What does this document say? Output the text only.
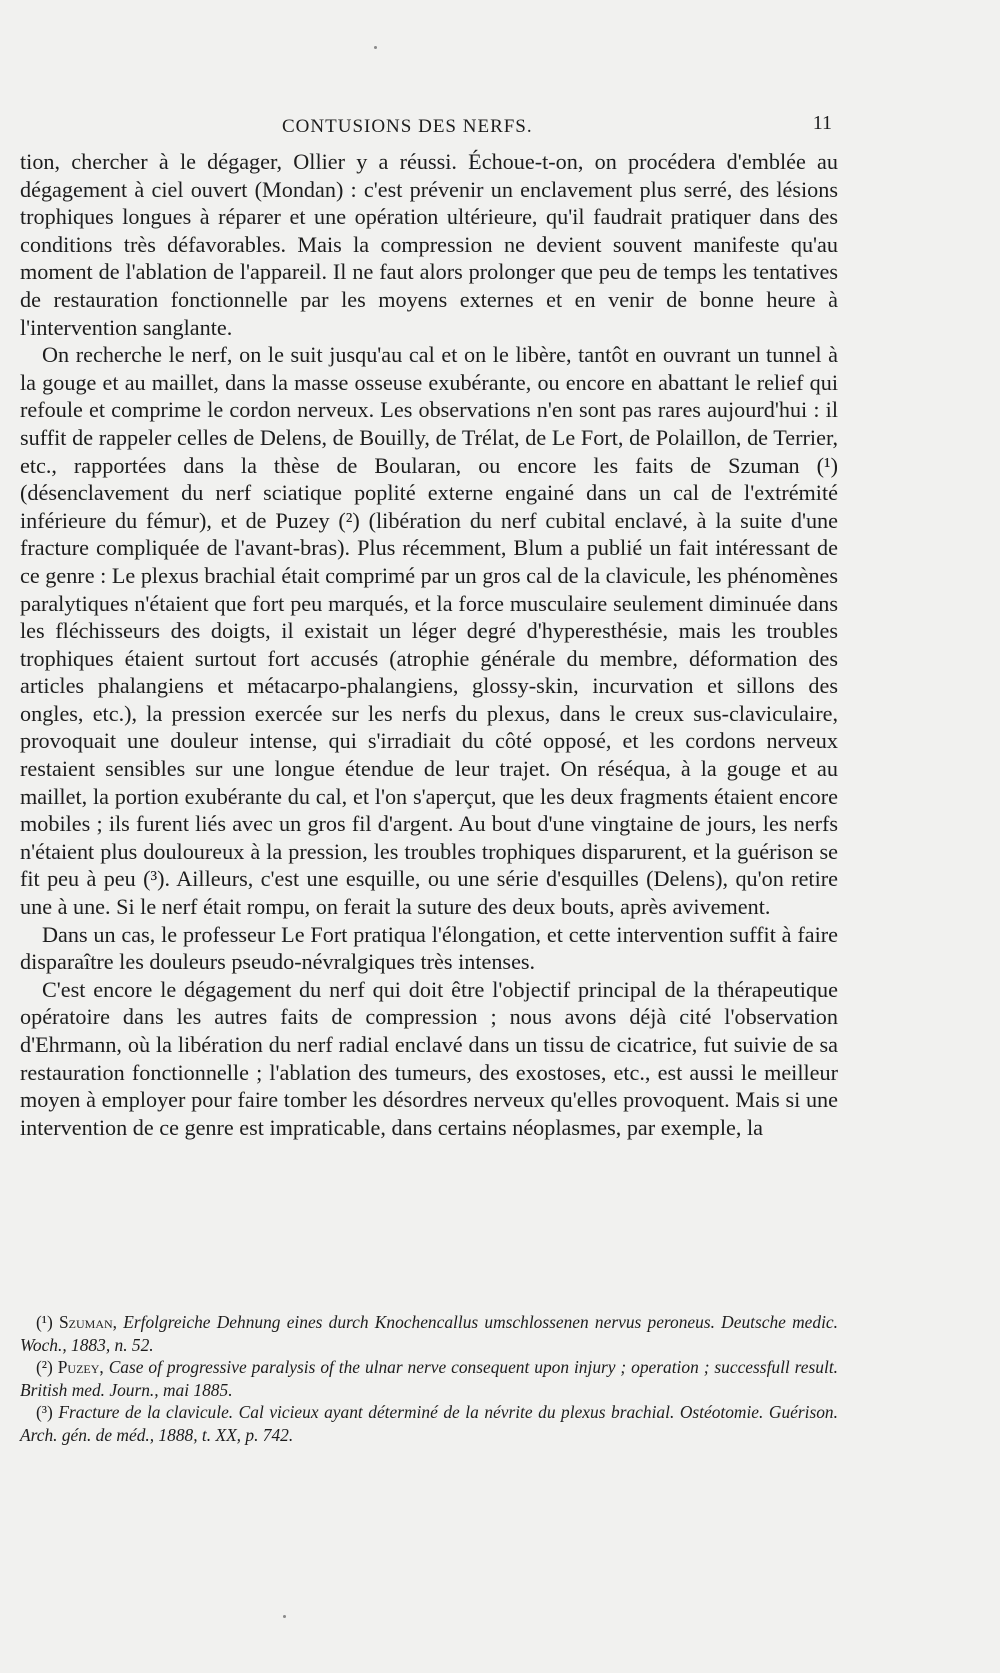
CONTUSIONS DES NERFS.	11

tion, chercher à le dégager, Ollier y a réussi. Échoue-t-on, on procédera d'emblée au dégagement à ciel ouvert (Mondan) : c'est prévenir un enclavement plus serré, des lésions trophiques longues à réparer et une opération ultérieure, qu'il faudrait pratiquer dans des conditions très défavorables. Mais la compression ne devient souvent manifeste qu'au moment de l'ablation de l'appareil. Il ne faut alors prolonger que peu de temps les tentatives de restauration fonctionnelle par les moyens externes et en venir de bonne heure à l'intervention sanglante.

On recherche le nerf, on le suit jusqu'au cal et on le libère, tantôt en ouvrant un tunnel à la gouge et au maillet, dans la masse osseuse exubérante, ou encore en abattant le relief qui refoule et comprime le cordon nerveux. Les observations n'en sont pas rares aujourd'hui : il suffit de rappeler celles de Delens, de Bouilly, de Trélat, de Le Fort, de Polaillon, de Terrier, etc., rapportées dans la thèse de Boularan, ou encore les faits de Szuman (¹) (désenclavement du nerf sciatique poplité externe engainé dans un cal de l'extrémité inférieure du fémur), et de Puzey (²) (libération du nerf cubital enclavé, à la suite d'une fracture compliquée de l'avant-bras). Plus récemment, Blum a publié un fait intéressant de ce genre : Le plexus brachial était comprimé par un gros cal de la clavicule, les phénomènes paralytiques n'étaient que fort peu marqués, et la force musculaire seulement diminuée dans les fléchisseurs des doigts, il existait un léger degré d'hyperesthésie, mais les troubles trophiques étaient surtout fort accusés (atrophie générale du membre, déformation des articles phalangiens et métacarpo-phalangiens, glossy-skin, incurvation et sillons des ongles, etc.), la pression exercée sur les nerfs du plexus, dans le creux sus-claviculaire, provoquait une douleur intense, qui s'irradiait du côté opposé, et les cordons nerveux restaient sensibles sur une longue étendue de leur trajet. On réséqua, à la gouge et au maillet, la portion exubérante du cal, et l'on s'aperçut, que les deux fragments étaient encore mobiles ; ils furent liés avec un gros fil d'argent. Au bout d'une vingtaine de jours, les nerfs n'étaient plus douloureux à la pression, les troubles trophiques disparurent, et la guérison se fit peu à peu (³). Ailleurs, c'est une esquille, ou une série d'esquilles (Delens), qu'on retire une à une. Si le nerf était rompu, on ferait la suture des deux bouts, après avivement.

Dans un cas, le professeur Le Fort pratiqua l'élongation, et cette intervention suffit à faire disparaître les douleurs pseudo-névralgiques très intenses.

C'est encore le dégagement du nerf qui doit être l'objectif principal de la thérapeutique opératoire dans les autres faits de compression ; nous avons déjà cité l'observation d'Ehrmann, où la libération du nerf radial enclavé dans un tissu de cicatrice, fut suivie de sa restauration fonctionnelle ; l'ablation des tumeurs, des exostoses, etc., est aussi le meilleur moyen à employer pour faire tomber les désordres nerveux qu'elles provoquent. Mais si une intervention de ce genre est impraticable, dans certains néoplasmes, par exemple, la

(¹) Szuman, Erfolgreiche Dehnung eines durch Knochencallus umschlossenen nervus peroneus. Deutsche medic. Woch., 1883, n. 52.

(²) Puzey, Case of progressive paralysis of the ulnar nerve consequent upon injury ; operation ; successfull result. British med. Journ., mai 1885.

(³) Fracture de la clavicule. Cal vicieux ayant déterminé de la névrite du plexus brachial. Ostéotomie. Guérison. Arch. gén. de méd., 1888, t. XX, p. 742.
